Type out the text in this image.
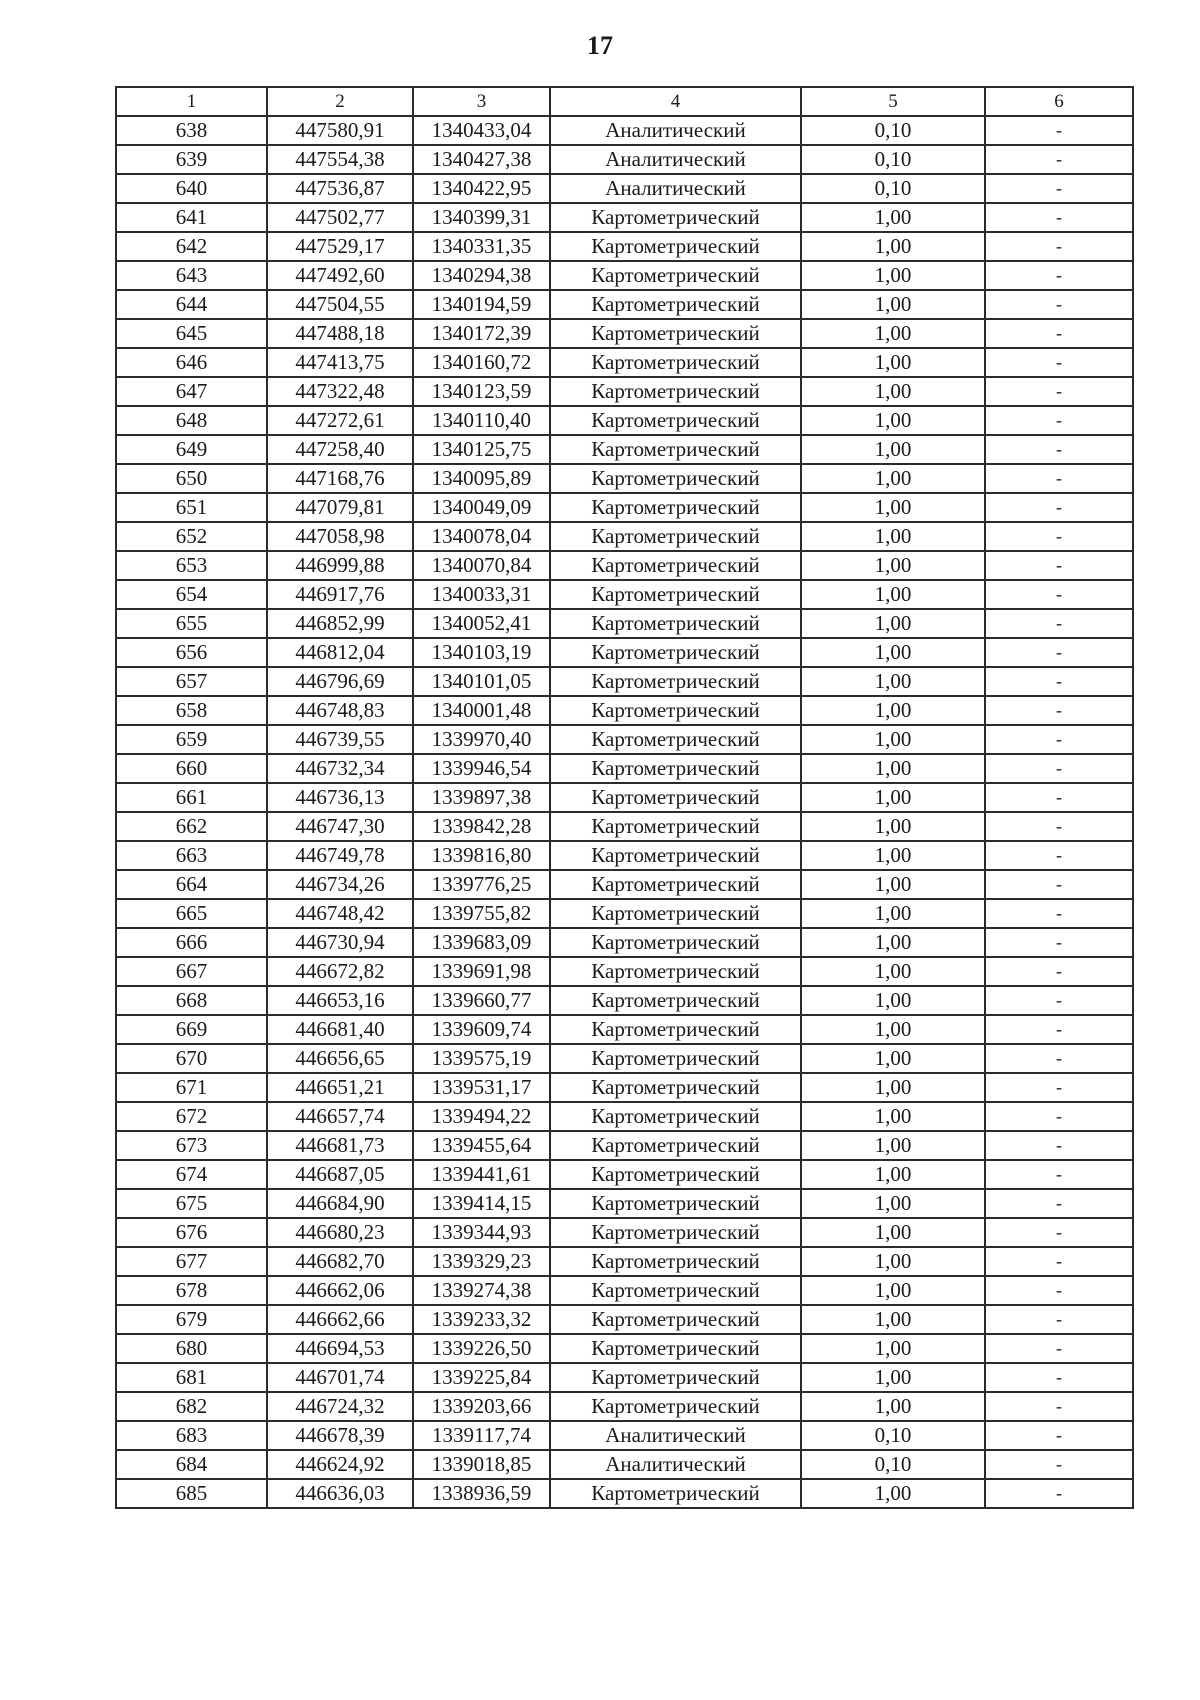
17
1	2	3	4	5	6
638	447580,91	1340433,04	Аналитический	0,10	-
639	447554,38	1340427,38	Аналитический	0,10	-
640	447536,87	1340422,95	Аналитический	0,10	-
641	447502,77	1340399,31	Картометрический	1,00	-
642	447529,17	1340331,35	Картометрический	1,00	-
643	447492,60	1340294,38	Картометрический	1,00	-
644	447504,55	1340194,59	Картометрический	1,00	-
645	447488,18	1340172,39	Картометрический	1,00	-
646	447413,75	1340160,72	Картометрический	1,00	-
647	447322,48	1340123,59	Картометрический	1,00	-
648	447272,61	1340110,40	Картометрический	1,00	-
649	447258,40	1340125,75	Картометрический	1,00	-
650	447168,76	1340095,89	Картометрический	1,00	-
651	447079,81	1340049,09	Картометрический	1,00	-
652	447058,98	1340078,04	Картометрический	1,00	-
653	446999,88	1340070,84	Картометрический	1,00	-
654	446917,76	1340033,31	Картометрический	1,00	-
655	446852,99	1340052,41	Картометрический	1,00	-
656	446812,04	1340103,19	Картометрический	1,00	-
657	446796,69	1340101,05	Картометрический	1,00	-
658	446748,83	1340001,48	Картометрический	1,00	-
659	446739,55	1339970,40	Картометрический	1,00	-
660	446732,34	1339946,54	Картометрический	1,00	-
661	446736,13	1339897,38	Картометрический	1,00	-
662	446747,30	1339842,28	Картометрический	1,00	-
663	446749,78	1339816,80	Картометрический	1,00	-
664	446734,26	1339776,25	Картометрический	1,00	-
665	446748,42	1339755,82	Картометрический	1,00	-
666	446730,94	1339683,09	Картометрический	1,00	-
667	446672,82	1339691,98	Картометрический	1,00	-
668	446653,16	1339660,77	Картометрический	1,00	-
669	446681,40	1339609,74	Картометрический	1,00	-
670	446656,65	1339575,19	Картометрический	1,00	-
671	446651,21	1339531,17	Картометрический	1,00	-
672	446657,74	1339494,22	Картометрический	1,00	-
673	446681,73	1339455,64	Картометрический	1,00	-
674	446687,05	1339441,61	Картометрический	1,00	-
675	446684,90	1339414,15	Картометрический	1,00	-
676	446680,23	1339344,93	Картометрический	1,00	-
677	446682,70	1339329,23	Картометрический	1,00	-
678	446662,06	1339274,38	Картометрический	1,00	-
679	446662,66	1339233,32	Картометрический	1,00	-
680	446694,53	1339226,50	Картометрический	1,00	-
681	446701,74	1339225,84	Картометрический	1,00	-
682	446724,32	1339203,66	Картометрический	1,00	-
683	446678,39	1339117,74	Аналитический	0,10	-
684	446624,92	1339018,85	Аналитический	0,10	-
685	446636,03	1338936,59	Картометрический	1,00	-
